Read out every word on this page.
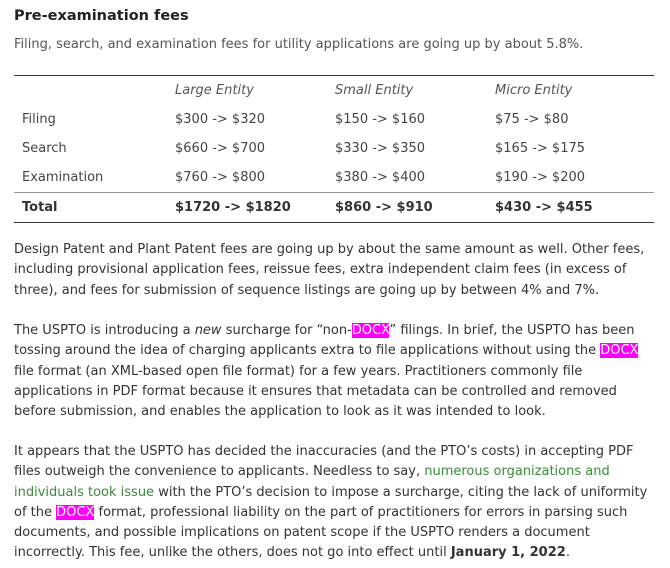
Pre-examination fees

Filing, search, and examination fees for utility applications are going up by about 5.8%.

	Large Entity	Small Entity	Micro Entity
Filing	$300 -> $320	$150 -> $160	$75 -> $80
Search	$660 -> $700	$330 -> $350	$165 -> $175
Examination	$760 -> $800	$380 -> $400	$190 -> $200
Total	$1720 -> $1820	$860 -> $910	$430 -> $455

Design Patent and Plant Patent fees are going up by about the same amount as well. Other fees, including provisional application fees, reissue fees, extra independent claim fees (in excess of three), and fees for submission of sequence listings are going up by between 4% and 7%.

The USPTO is introducing a new surcharge for “non-DOCX” filings. In brief, the USPTO has been tossing around the idea of charging applicants extra to file applications without using the DOCX file format (an XML-based open file format) for a few years. Practitioners commonly file applications in PDF format because it ensures that metadata can be controlled and removed before submission, and enables the application to look as it was intended to look.

It appears that the USPTO has decided the inaccuracies (and the PTO’s costs) in accepting PDF files outweigh the convenience to applicants. Needless to say, numerous organizations and individuals took issue with the PTO’s decision to impose a surcharge, citing the lack of uniformity of the DOCX format, professional liability on the part of practitioners for errors in parsing such documents, and possible implications on patent scope if the USPTO renders a document incorrectly. This fee, unlike the others, does not go into effect until January 1, 2022.
